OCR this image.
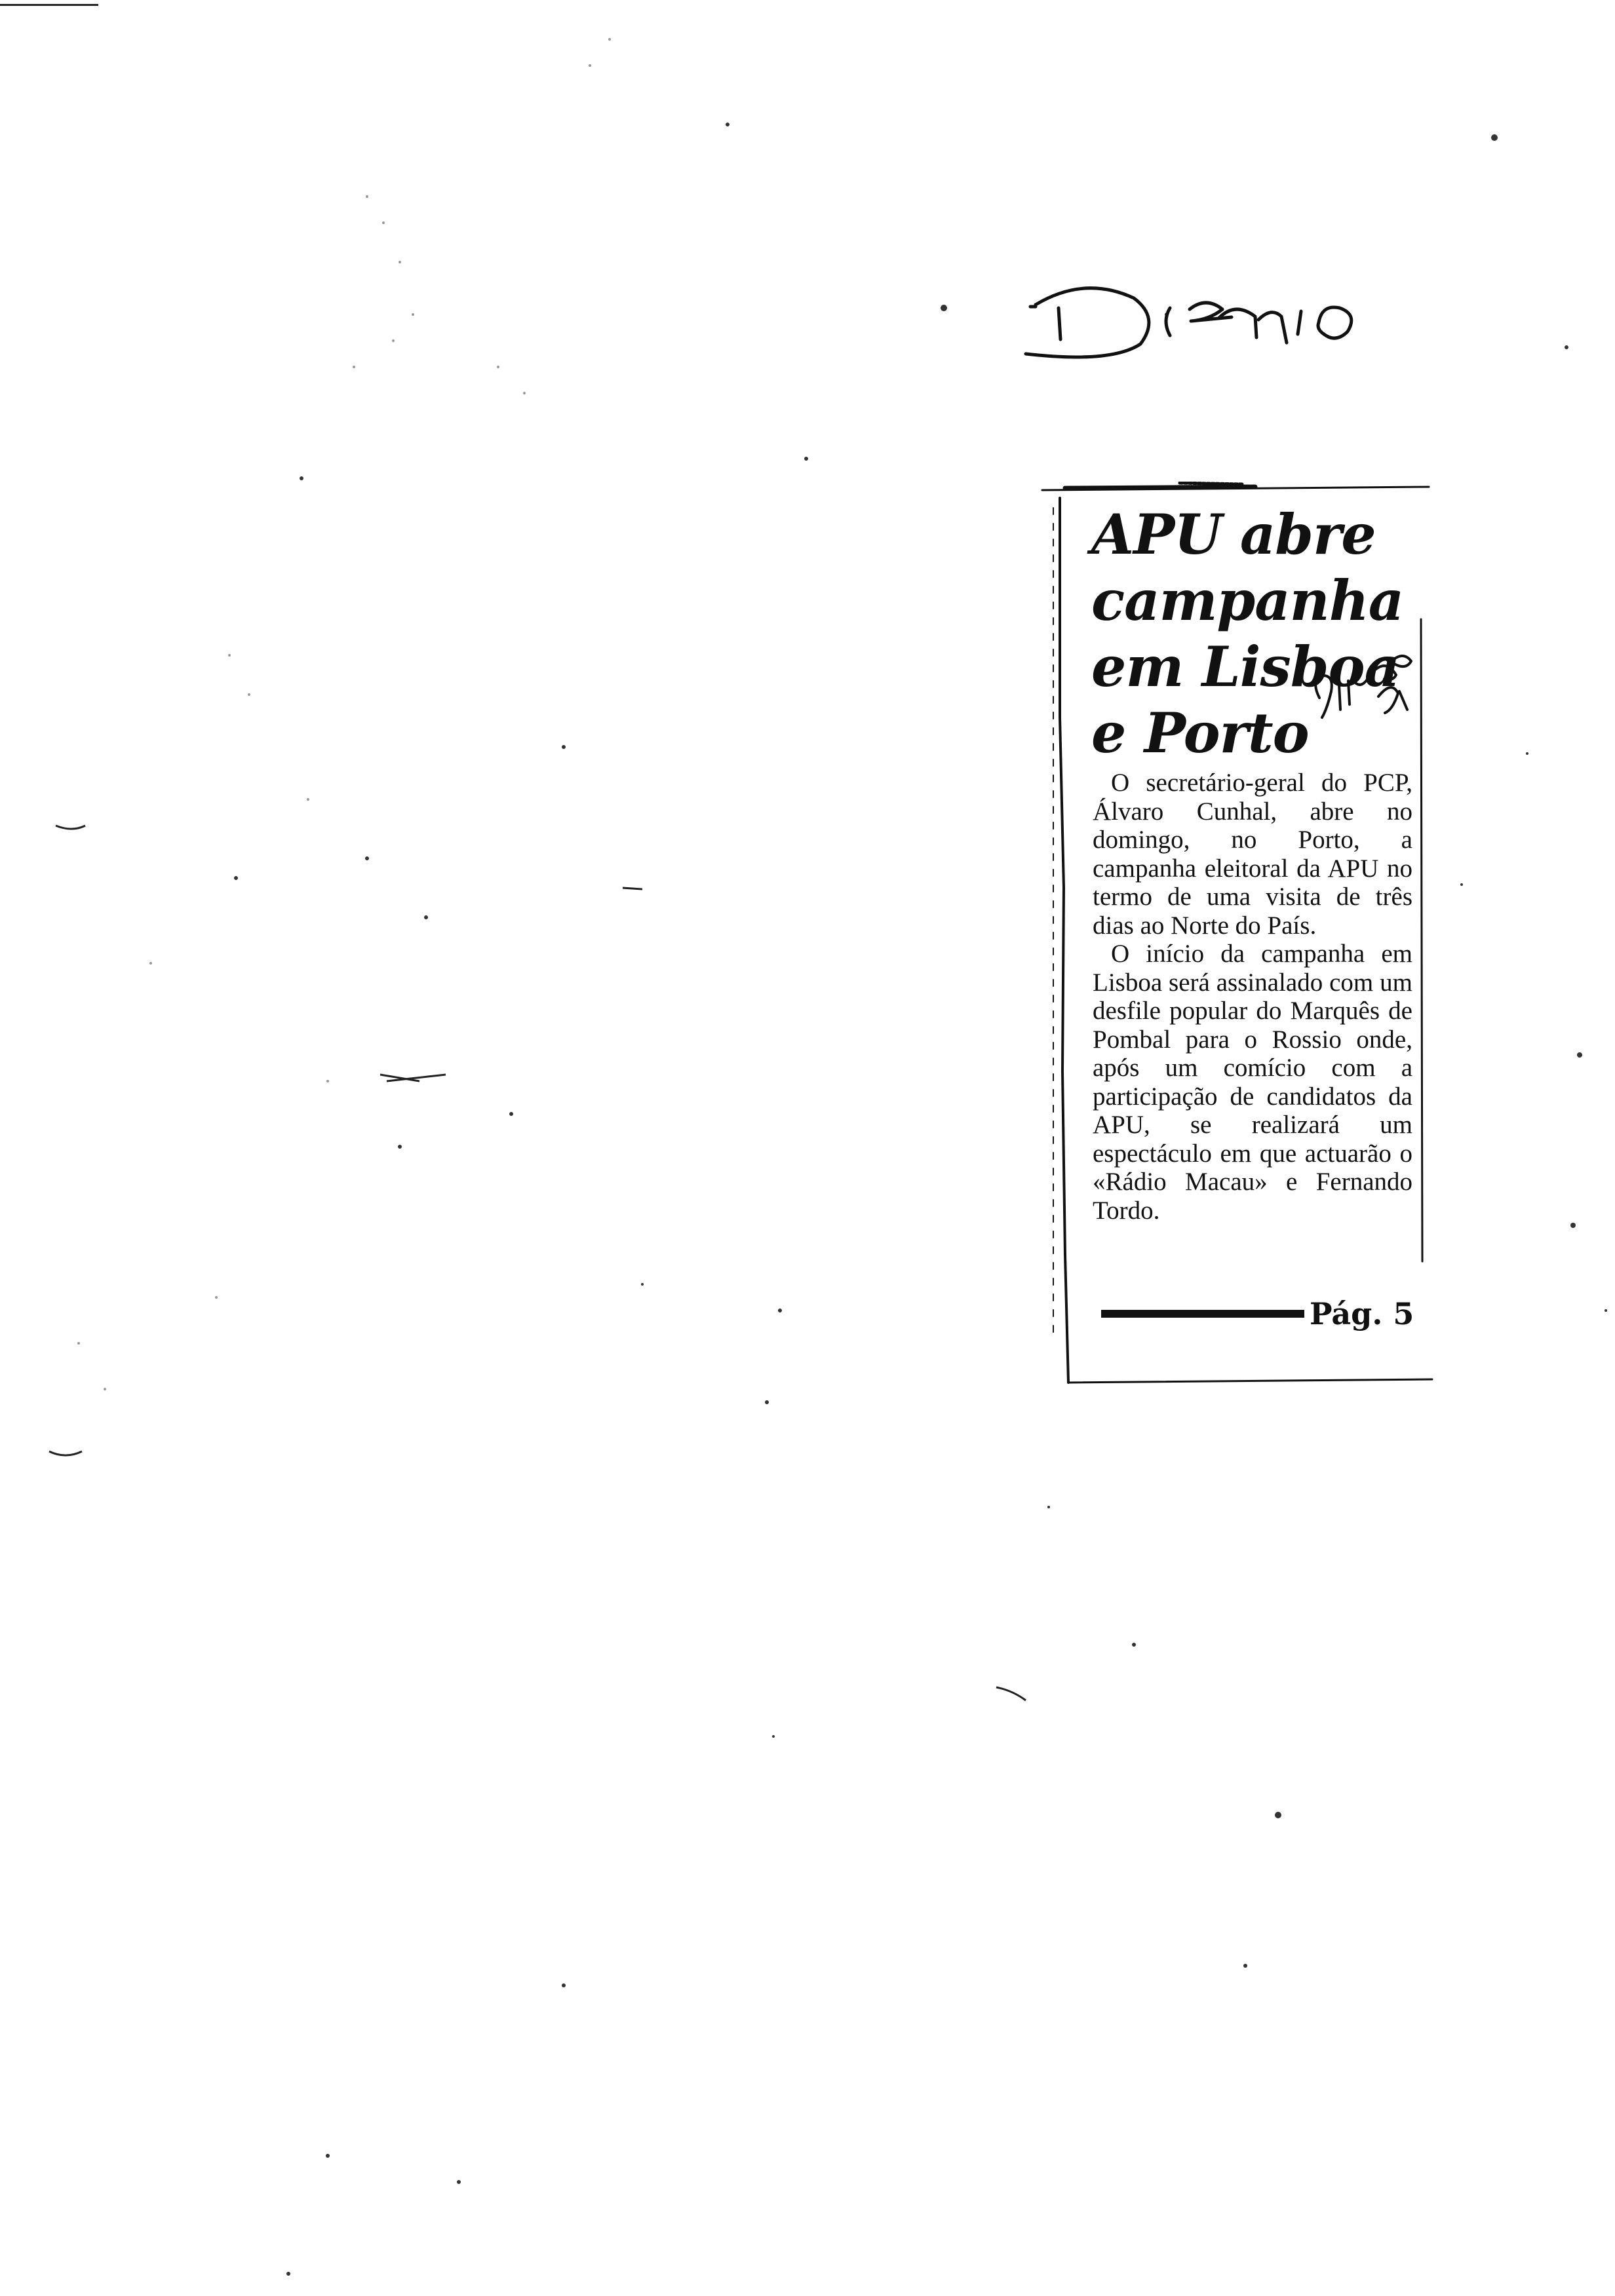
APU abre
campanha
em Lisboa
e Porto

O secretário-geral do PCP, Álvaro Cunhal, abre no domingo, no Porto, a campanha eleitoral da APU no termo de uma visita de três dias ao Norte do País.

O início da campanha em Lisboa será assinalado com um desfile popular do Marquês de Pombal para o Rossio onde, após um comício com a participação de candidatos da APU, se realizará um espectáculo em que actuarão o «Rádio Macau» e Fernando Tordo.

Pág. 5
